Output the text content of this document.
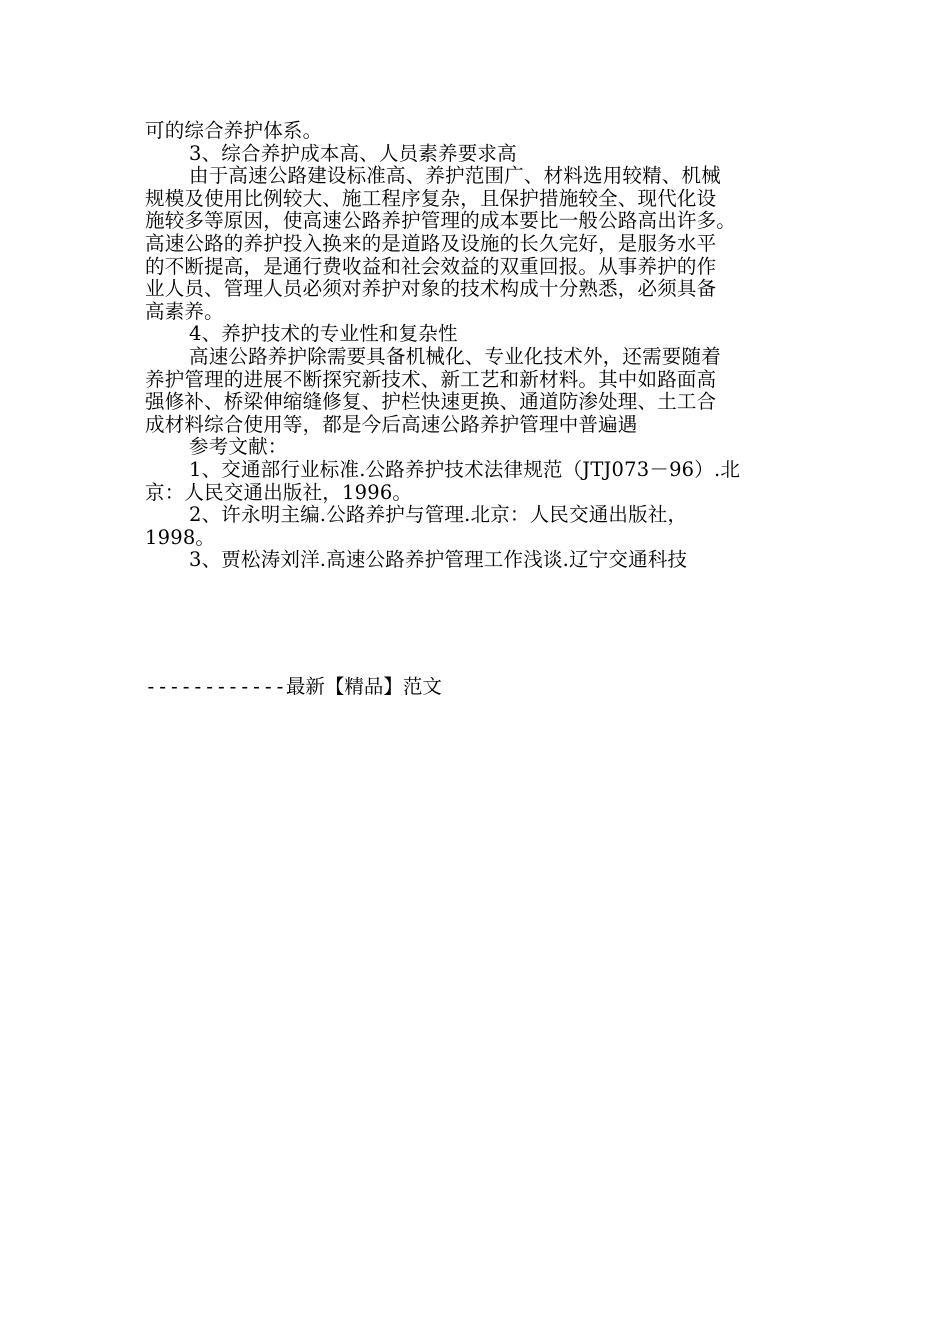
可的综合养护体系。
3、综合养护成本高、人员素养要求高
由于高速公路建设标准高、养护范围广、材料选用较精、机械
规模及使用比例较大、施工程序复杂，且保护措施较全、现代化设
施较多等原因，使高速公路养护管理的成本要比一般公路高出许多。
高速公路的养护投入换来的是道路及设施的长久完好，是服务水平
的不断提高，是通行费收益和社会效益的双重回报。从事养护的作
业人员、管理人员必须对养护对象的技术构成十分熟悉，必须具备
高素养。
4、养护技术的专业性和复杂性
高速公路养护除需要具备机械化、专业化技术外，还需要随着
养护管理的进展不断探究新技术、新工艺和新材料。其中如路面高
强修补、桥梁伸缩缝修复、护栏快速更换、通道防渗处理、土工合
成材料综合使用等，都是今后高速公路养护管理中普遍遇
参考文献：
1、交通部行业标准.公路养护技术法律规范（JTJ073－96）.北
京：人民交通出版社，1996。
2、许永明主编.公路养护与管理.北京：人民交通出版社，
1998。
3、贾松涛刘洋.高速公路养护管理工作浅谈.辽宁交通科技
------------最新【精品】范文
